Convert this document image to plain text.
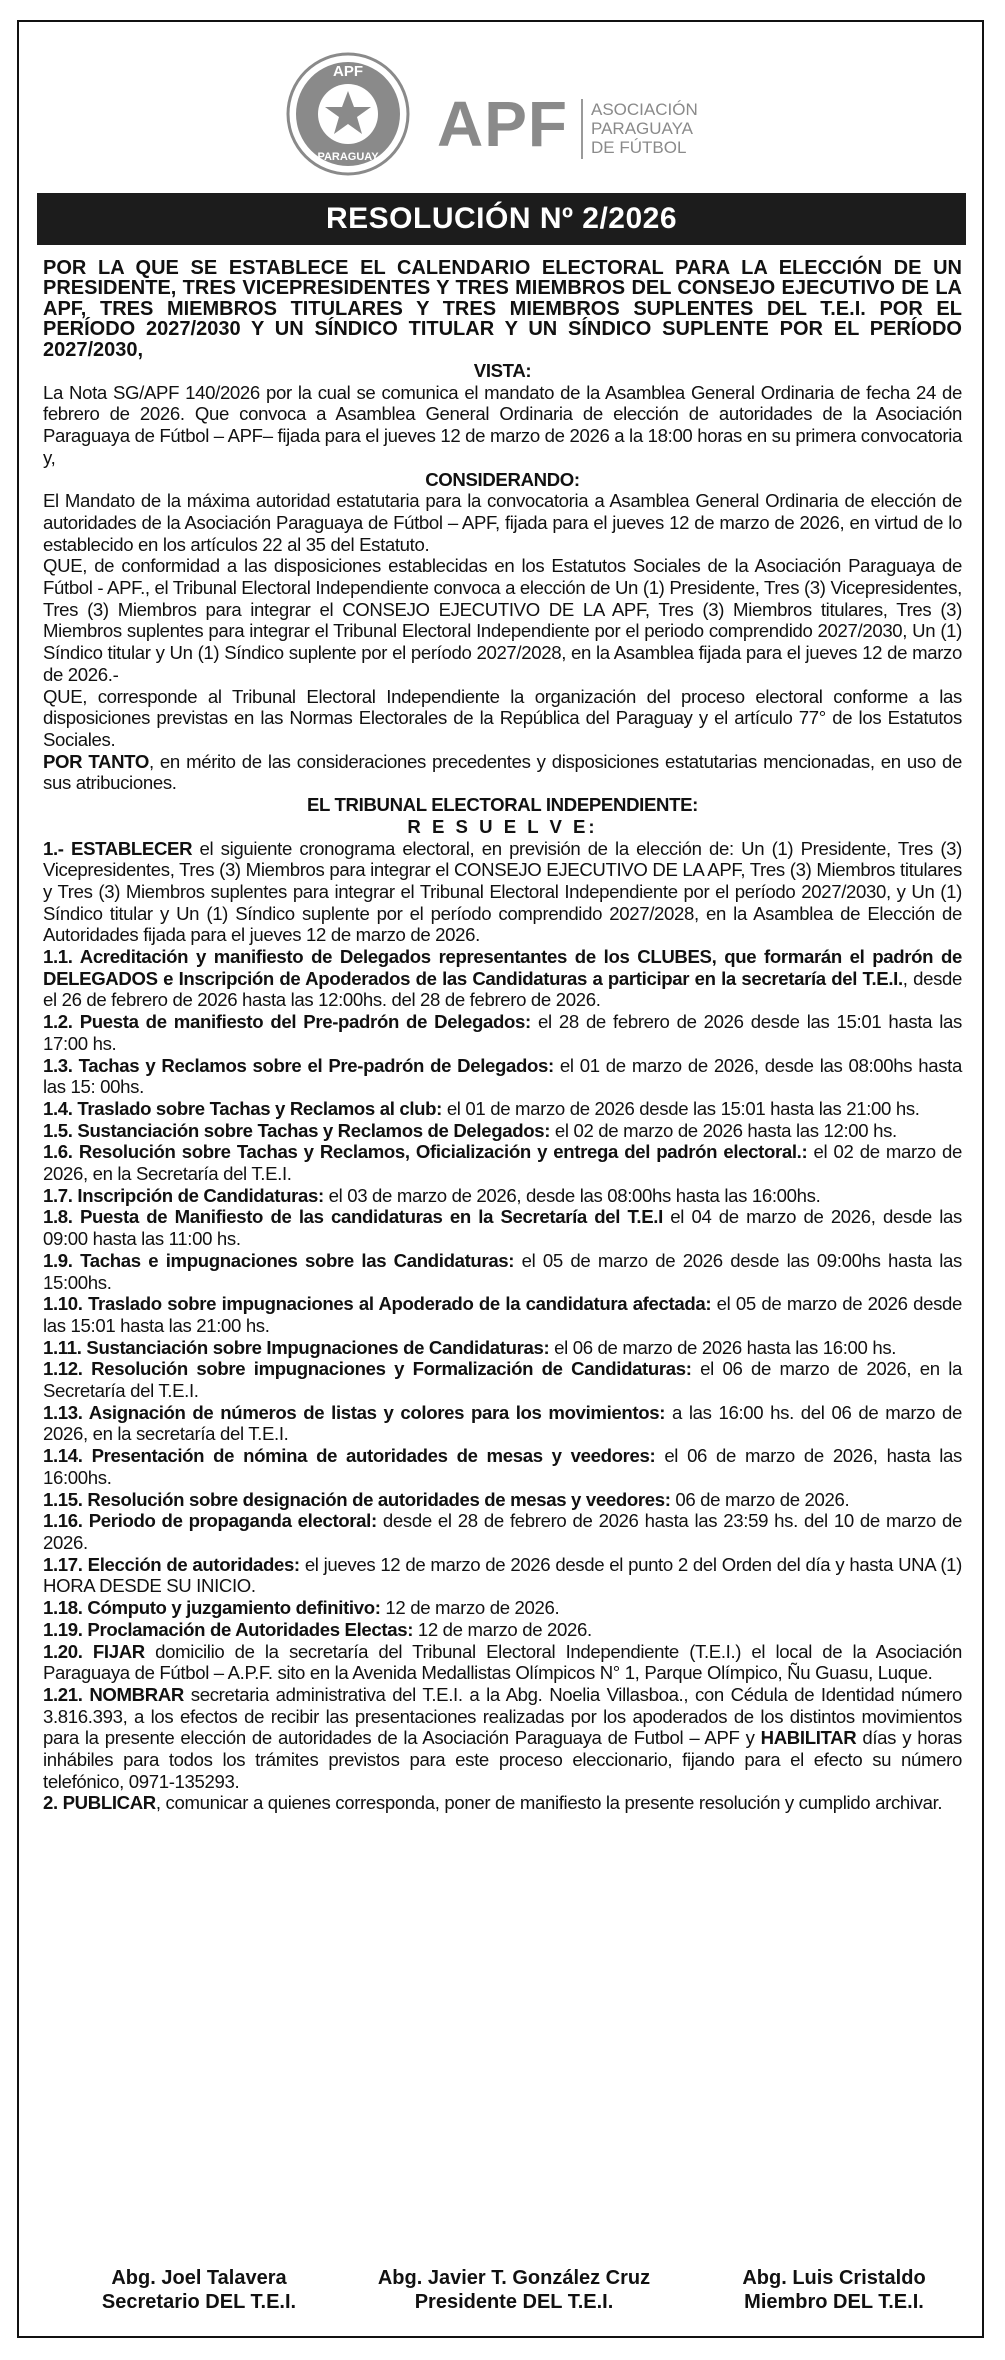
APF
PARAGUAY APF ASOCIACIÓN
PARAGUAYA
DE FÚTBOL
RESOLUCIÓN Nº 2/2026

POR LA QUE SE ESTABLECE EL CALENDARIO ELECTORAL PARA LA ELECCIÓN DE UN PRESIDENTE, TRES VICEPRESIDENTES Y TRES MIEMBROS DEL CONSEJO EJECUTIVO DE LA APF, TRES MIEMBROS TITULARES Y TRES MIEMBROS SUPLENTES DEL T.E.I. POR EL PERÍODO 2027/2030 Y UN SÍNDICO TITULAR Y UN SÍNDICO SUPLENTE POR EL PERÍODO 2027/2030,

VISTA:

La Nota SG/APF 140/2026 por la cual se comunica el mandato de la Asamblea General Ordinaria de fecha 24 de febrero de 2026. Que convoca a Asamblea General Ordinaria de elección de autoridades de la Asociación Paraguaya de Fútbol – APF– fijada para el jueves 12 de marzo de 2026 a la 18:00 horas en su primera convocatoria y,

CONSIDERANDO:

El Mandato de la máxima autoridad estatutaria para la convocatoria a Asamblea General Ordinaria de elección de autoridades de la Asociación Paraguaya de Fútbol – APF, fijada para el jueves 12 de marzo de 2026, en virtud de lo establecido en los artículos 22 al 35 del Estatuto.

QUE, de conformidad a las disposiciones establecidas en los Estatutos Sociales de la Asociación Paraguaya de Fútbol - APF., el Tribunal Electoral Independiente convoca a elección de Un (1) Presidente, Tres (3) Vicepresidentes, Tres (3) Miembros para integrar el CONSEJO EJECUTIVO DE LA APF, Tres (3) Miembros titulares, Tres (3) Miembros suplentes para integrar el Tribunal Electoral Independiente por el periodo comprendido 2027/2030, Un (1) Síndico titular y Un (1) Síndico suplente por el período 2027/2028, en la Asamblea fijada para el jueves 12 de marzo de 2026.-

QUE, corresponde al Tribunal Electoral Independiente la organización del proceso electoral conforme a las disposiciones previstas en las Normas Electorales de la República del Paraguay y el artículo 77° de los Estatutos Sociales.

POR TANTO, en mérito de las consideraciones precedentes y disposiciones estatutarias mencionadas, en uso de sus atribuciones.

EL TRIBUNAL ELECTORAL INDEPENDIENTE:

R E S U E L V E:

1.- ESTABLECER el siguiente cronograma electoral, en previsión de la elección de: Un (1) Presidente, Tres (3) Vicepresidentes, Tres (3) Miembros para integrar el CONSEJO EJECUTIVO DE LA APF, Tres (3) Miembros titulares y Tres (3) Miembros suplentes para integrar el Tribunal Electoral Independiente por el período 2027/2030, y Un (1) Síndico titular y Un (1) Síndico suplente por el período comprendido 2027/2028, en la Asamblea de Elección de Autoridades fijada para el jueves 12 de marzo de 2026.

1.1. Acreditación y manifiesto de Delegados representantes de los CLUBES, que formarán el padrón de DELEGADOS e Inscripción de Apoderados de las Candidaturas a participar en la secretaría del T.E.I., desde el 26 de febrero de 2026 hasta las 12:00hs. del 28 de febrero de 2026.

1.2. Puesta de manifiesto del Pre-padrón de Delegados: el 28 de febrero de 2026 desde las 15:01 hasta las 17:00 hs.

1.3. Tachas y Reclamos sobre el Pre-padrón de Delegados: el 01 de marzo de 2026, desde las 08:00hs hasta las 15: 00hs.

1.4. Traslado sobre Tachas y Reclamos al club: el 01 de marzo de 2026 desde las 15:01 hasta las 21:00 hs.

1.5. Sustanciación sobre Tachas y Reclamos de Delegados: el 02 de marzo de 2026 hasta las 12:00 hs.

1.6. Resolución sobre Tachas y Reclamos, Oficialización y entrega del padrón electoral.: el 02 de marzo de 2026, en la Secretaría del T.E.I.

1.7. Inscripción de Candidaturas: el 03 de marzo de 2026, desde las 08:00hs hasta las 16:00hs.

1.8. Puesta de Manifiesto de las candidaturas en la Secretaría del T.E.I el 04 de marzo de 2026, desde las 09:00 hasta las 11:00 hs.

1.9. Tachas e impugnaciones sobre las Candidaturas: el 05 de marzo de 2026 desde las 09:00hs hasta las 15:00hs.

1.10. Traslado sobre impugnaciones al Apoderado de la candidatura afectada: el 05 de marzo de 2026 desde las 15:01 hasta las 21:00 hs.

1.11. Sustanciación sobre Impugnaciones de Candidaturas: el 06 de marzo de 2026 hasta las 16:00 hs.

1.12. Resolución sobre impugnaciones y Formalización de Candidaturas: el 06 de marzo de 2026, en la Secretaría del T.E.I.

1.13. Asignación de números de listas y colores para los movimientos: a las 16:00 hs. del 06 de marzo de 2026, en la secretaría del T.E.I.

1.14. Presentación de nómina de autoridades de mesas y veedores: el 06 de marzo de 2026, hasta las 16:00hs.

1.15. Resolución sobre designación de autoridades de mesas y veedores: 06 de marzo de 2026.

1.16. Periodo de propaganda electoral: desde el 28 de febrero de 2026 hasta las 23:59 hs. del 10 de marzo de 2026.

1.17. Elección de autoridades: el jueves 12 de marzo de 2026 desde el punto 2 del Orden del día y hasta UNA (1) HORA DESDE SU INICIO.

1.18. Cómputo y juzgamiento definitivo: 12 de marzo de 2026.

1.19. Proclamación de Autoridades Electas: 12 de marzo de 2026.

1.20. FIJAR domicilio de la secretaría del Tribunal Electoral Independiente (T.E.I.) el local de la Asociación Paraguaya de Fútbol – A.P.F. sito en la Avenida Medallistas Olímpicos N° 1, Parque Olímpico, Ñu Guasu, Luque.

1.21. NOMBRAR secretaria administrativa del T.E.I. a la Abg. Noelia Villasboa., con Cédula de Identidad número 3.816.393, a los efectos de recibir las presentaciones realizadas por los apoderados de los distintos movimientos para la presente elección de autoridades de la Asociación Paraguaya de Futbol – APF y HABILITAR días y horas inhábiles para todos los trámites previstos para este proceso eleccionario, fijando para el efecto su número telefónico, 0971-135293.

2. PUBLICAR, comunicar a quienes corresponda, poner de manifiesto la presente resolución y cumplido archivar.

Abg. Joel Talavera
Secretario DEL T.E.I.
Abg. Javier T. González Cruz
Presidente DEL T.E.I.
Abg. Luis Cristaldo
Miembro DEL T.E.I.
